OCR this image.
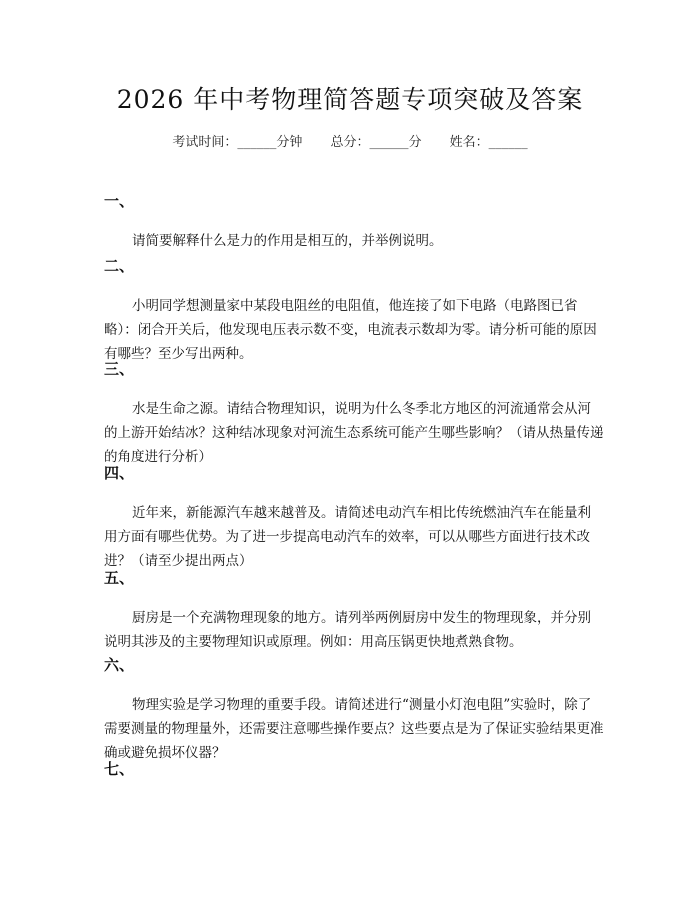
2026 年中考物理简答题专项突破及答案
考试时间：______分钟 总分：______分 姓名：______
一、
请简要解释什么是力的作用是相互的，并举例说明。
二、
小明同学想测量家中某段电阻丝的电阻值，他连接了如下电路（电路图已省略）：闭合开关后，他发现电压表示数不变，电流表示数却为零。请分析可能的原因有哪些？至少写出两种。
三、
水是生命之源。请结合物理知识，说明为什么冬季北方地区的河流通常会从河的上游开始结冰？这种结冰现象对河流生态系统可能产生哪些影响？（请从热量传递的角度进行分析）
四、
近年来，新能源汽车越来越普及。请简述电动汽车相比传统燃油汽车在能量利用方面有哪些优势。为了进一步提高电动汽车的效率，可以从哪些方面进行技术改进？（请至少提出两点）
五、
厨房是一个充满物理现象的地方。请列举两例厨房中发生的物理现象，并分别说明其涉及的主要物理知识或原理。例如：用高压锅更快地煮熟食物。
六、
物理实验是学习物理的重要手段。请简述进行“测量小灯泡电阻”实验时，除了需要测量的物理量外，还需要注意哪些操作要点？这些要点是为了保证实验结果更准确或避免损坏仪器？
七、
